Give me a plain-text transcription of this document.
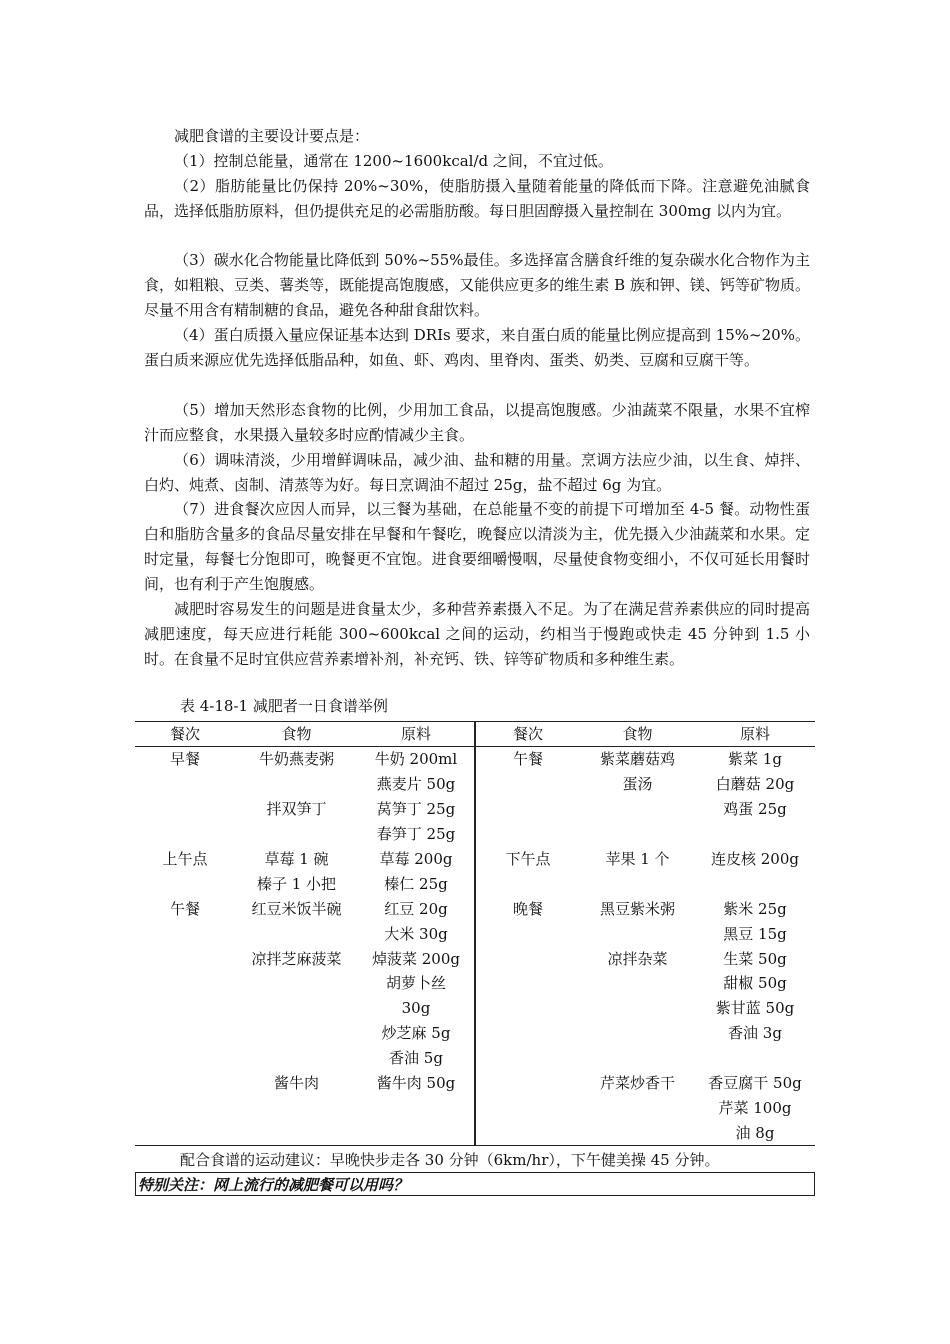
减肥食谱的主要设计要点是：

（1）控制总能量，通常在 1200~1600kcal/d 之间，不宜过低。

（2）脂肪能量比仍保持 20%~30%，使脂肪摄入量随着能量的降低而下降。注意避免油腻食品，选择低脂肪原料，但仍提供充足的必需脂肪酸。每日胆固醇摄入量控制在 300mg 以内为宜。

（3）碳水化合物能量比降低到 50%~55%最佳。多选择富含膳食纤维的复杂碳水化合物作为主食，如粗粮、豆类、薯类等，既能提高饱腹感，又能供应更多的维生素 B 族和钾、镁、钙等矿物质。尽量不用含有精制糖的食品，避免各种甜食甜饮料。

（4）蛋白质摄入量应保证基本达到 DRIs 要求，来自蛋白质的能量比例应提高到 15%~20%。蛋白质来源应优先选择低脂品种，如鱼、虾、鸡肉、里脊肉、蛋类、奶类、豆腐和豆腐干等。

（5）增加天然形态食物的比例，少用加工食品，以提高饱腹感。少油蔬菜不限量，水果不宜榨汁而应整食，水果摄入量较多时应酌情减少主食。

（6）调味清淡，少用增鲜调味品，减少油、盐和糖的用量。烹调方法应少油，以生食、焯拌、白灼、炖煮、卤制、清蒸等为好。每日烹调油不超过 25g，盐不超过 6g 为宜。

（7）进食餐次应因人而异，以三餐为基础，在总能量不变的前提下可增加至 4-5 餐。动物性蛋白和脂肪含量多的食品尽量安排在早餐和午餐吃，晚餐应以清淡为主，优先摄入少油蔬菜和水果。定时定量，每餐七分饱即可，晚餐更不宜饱。进食要细嚼慢咽，尽量使食物变细小，不仅可延长用餐时间，也有利于产生饱腹感。

减肥时容易发生的问题是进食量太少，多种营养素摄入不足。为了在满足营养素供应的同时提高减肥速度，每天应进行耗能 300~600kcal 之间的运动，约相当于慢跑或快走 45 分钟到 1.5 小时。在食量不足时宜供应营养素增补剂，补充钙、铁、锌等矿物质和多种维生素。

表 4-18-1 减肥者一日食谱举例
餐次	食物	原料	餐次	食物	原料
早餐	牛奶燕麦粥	牛奶 200ml	午餐	紫菜蘑菇鸡	紫菜 1g
		燕麦片 50g		蛋汤	白蘑菇 20g
	拌双笋丁	莴笋丁 25g			鸡蛋 25g
		春笋丁 25g			
上午点	草莓 1 碗	草莓 200g	下午点	苹果 1 个	连皮核 200g
	榛子 1 小把	榛仁 25g			
午餐	红豆米饭半碗	红豆 20g	晚餐	黑豆紫米粥	紫米 25g
		大米 30g			黑豆 15g
	凉拌芝麻菠菜	焯菠菜 200g		凉拌杂菜	生菜 50g
		胡萝卜丝			甜椒 50g
		30g			紫甘蓝 50g
		炒芝麻 5g			香油 3g
		香油 5g			
	酱牛肉	酱牛肉 50g		芹菜炒香干	香豆腐干 50g
					芹菜 100g
					油 8g
配合食谱的运动建议：早晚快步走各 30 分钟（6km/hr），下午健美操 45 分钟。
特别关注：网上流行的减肥餐可以用吗？
